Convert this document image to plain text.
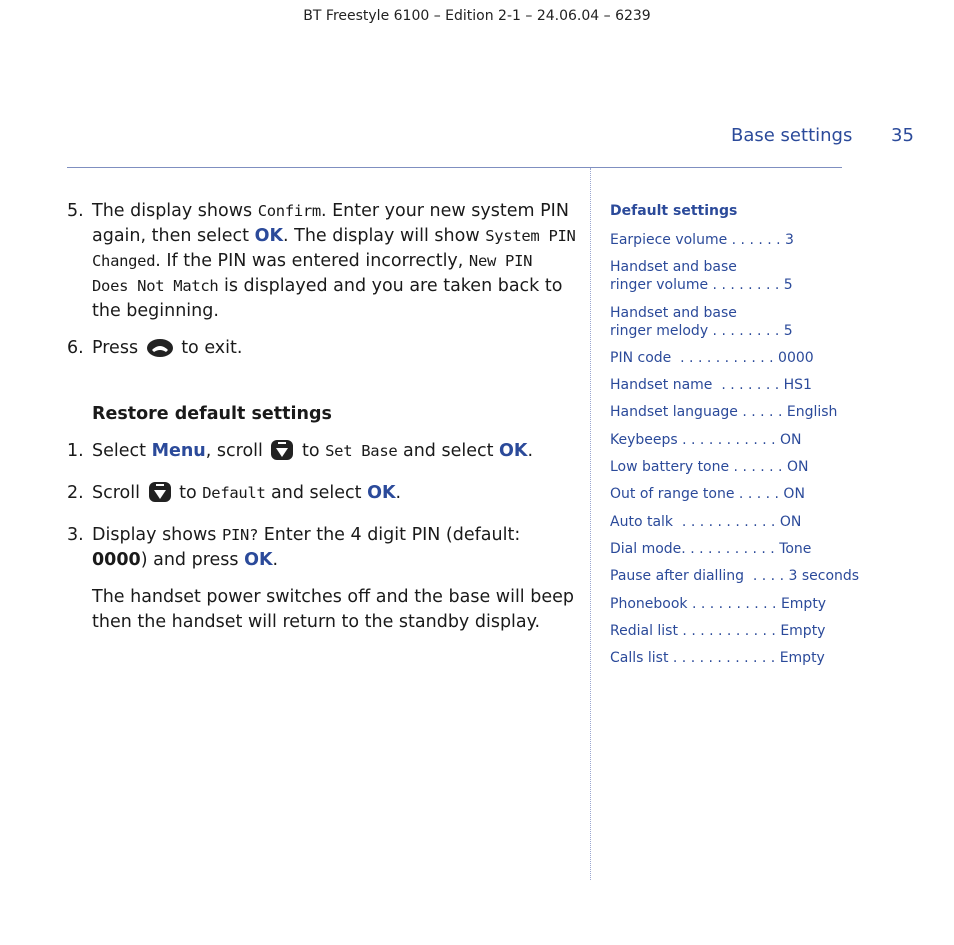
BT Freestyle 6100 – Edition 2-1 – 24.06.04 – 6239
Base settings 35
5. The display shows Confirm. Enter your new system PIN again, then select OK. The display will show System PIN Changed. If the PIN was entered incorrectly, New PIN Does Not Match is displayed and you are taken back to the beginning.
6. Press  to exit.
Restore default settings
1. Select Menu, scroll  to Set Base and select OK.
2. Scroll  to Default and select OK.
3. Display shows PIN? Enter the 4 digit PIN (default: 0000) and press OK.
The handset power switches off and the base will beep then the handset will return to the standby display.
Default settings
Earpiece volume . . . . . . 3
Handset and base
ringer volume . . . . . . . . 5
Handset and base
ringer melody . . . . . . . . 5
PIN code  . . . . . . . . . . . 0000
Handset name  . . . . . . . HS1
Handset language . . . . . English
Keybeeps . . . . . . . . . . . ON
Low battery tone . . . . . . ON
Out of range tone . . . . . ON
Auto talk  . . . . . . . . . . . ON
Dial mode. . . . . . . . . . . Tone
Pause after dialling  . . . . 3 seconds
Phonebook . . . . . . . . . . Empty
Redial list . . . . . . . . . . . Empty
Calls list . . . . . . . . . . . . Empty
